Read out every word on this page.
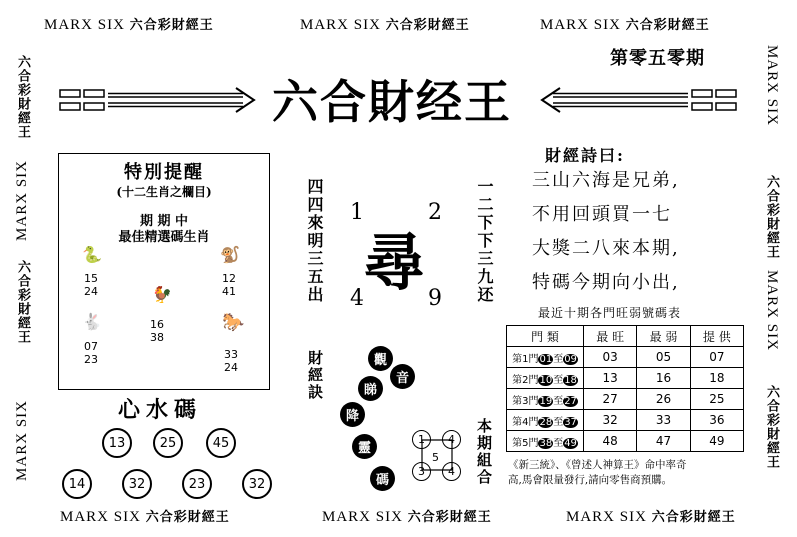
MARX SIX 六合彩財經王	MARX SIX 六合彩財經王	MARX SIX 六合彩財經王
MARX SIX 六合彩財經王	MARX SIX 六合彩財經王	MARX SIX 六合彩財經王
六合彩財經王
MARX SIX
六合彩財經王
MARX SIX
MARX SIX
六合彩財經王
MARX SIX
六合彩財經王
第零五零期
六合財经王
特別提醒
(十二生肖之欄目)
期 期 中
最佳精選碼生肖
🐍
15
24
🐒
12
41
🐓
16
38
🐇
07
23
🐎
33
24
心水碼
13	25	45
14	32	23	32
四四來明三五出	一二下下三九还
1	2
尋
4	9
財經訣	觀
音
睇
降
靈
碼
1	4
5
3	4	本期組合
財經詩曰:
三山六海是兄弟,
不用回頭買一七
大獎二八來本期,
特碼今期向小出,
最近十期各門旺弱號碼表
門 類	最 旺	最 弱	提 供
第1門01至09	03	05	07
第2門10至18	13	16	18
第3門19至27	27	26	25
第4門28至37	32	33	36
第5門38至49	48	47	49
《新三統》、《曾述人神算王》命中率奇
高,馬會限量發行,請向零售商預購。
